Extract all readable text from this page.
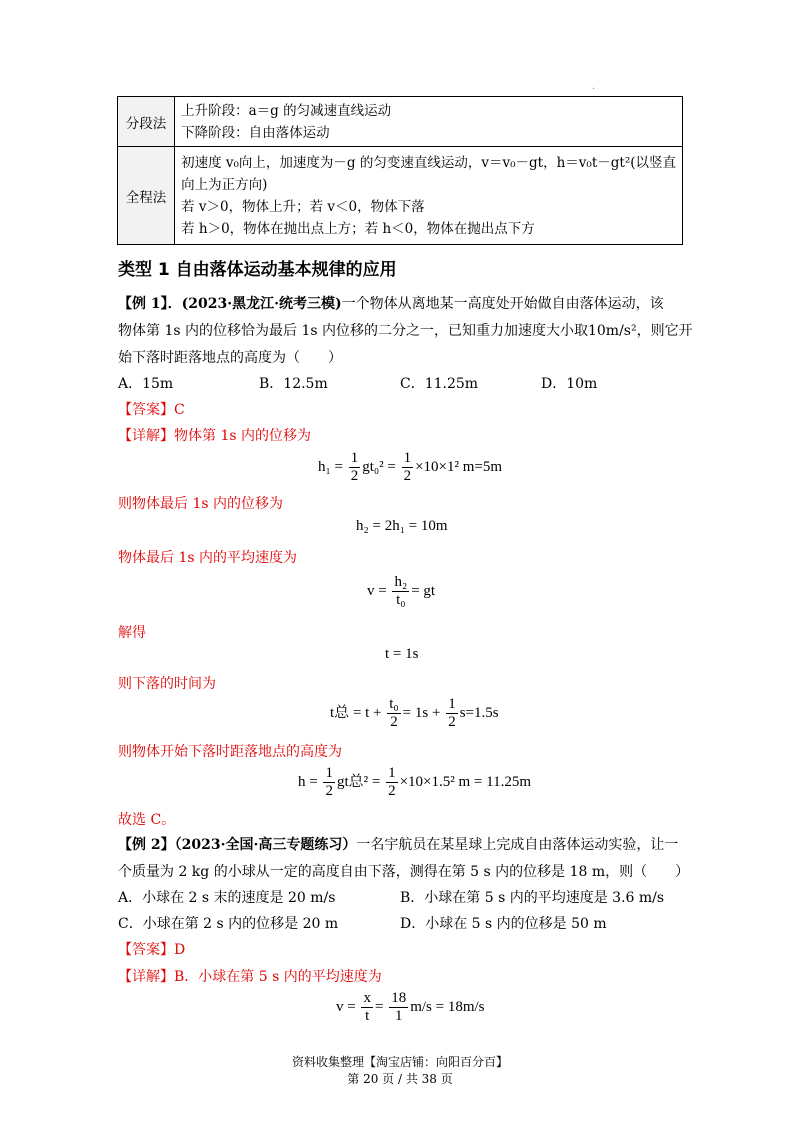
·
分段法	上升阶段：a＝g 的匀减速直线运动
下降阶段：自由落体运动

全程法	初速度 v₀向上，加速度为－g 的匀变速直线运动，v＝v₀－gt，h＝v₀t－gt²(以竖直
向上为正方向)
若 v＞0，物体上升；若 v＜0，物体下落
若 h＞0，物体在抛出点上方；若 h＜0，物体在抛出点下方
类型 1 自由落体运动基本规律的应用
【例 1】．(2023·黑龙江·统考三模)一个物体从离地某一高度处开始做自由落体运动，该
物体第 1s 内的位移恰为最后 1s 内位移的二分之一，已知重力加速度大小取10m/s²，则它开
始下落时距落地点的高度为（　　）
A．15m	B．12.5m	C．11.25m	D．10m
【答案】C
【详解】物体第 1s 内的位移为
$h_1 = \frac{1}{2} gt_0^2 = \frac{1}{2} \times 10\times 1^2$ m=5m
则物体最后 1s 内的位移为
h₂ = 2h₁ = 10m
物体最后 1s 内的平均速度为
$v = \frac{\text{h₂}}{\text{t₀}}$ = gt
解得
t = 1s
则下落的时间为
t总 = $t + \frac{\text{t₀}}{2} = 1s + \frac{1}{2} s=1.5s$
则物体开始下落时距落地点的高度为
$h = \frac{1}{2}$ gt总$^2 = \frac{1}{2} \times 10\times 1.5^2$ m = 11.25m
故选 C。
【例 2】（2023·全国·高三专题练习）一名宇航员在某星球上完成自由落体运动实验，让一
个质量为 2 kg 的小球从一定的高度自由下落，测得在第 5 s 内的位移是 18 m，则（　　）
A．小球在 2 s 末的速度是 20 m/s	B．小球在第 5 s 内的平均速度是 3.6 m/s
C．小球在第 2 s 内的位移是 20 m	D．小球在 5 s 内的位移是 50 m
【答案】D
【详解】B．小球在第 5 s 内的平均速度为
$v = \frac{x}{t} = \frac{18}{1} m/s = 18m/s$
资料收集整理【淘宝店铺：向阳百分百】
第 20 页 / 共 38 页
